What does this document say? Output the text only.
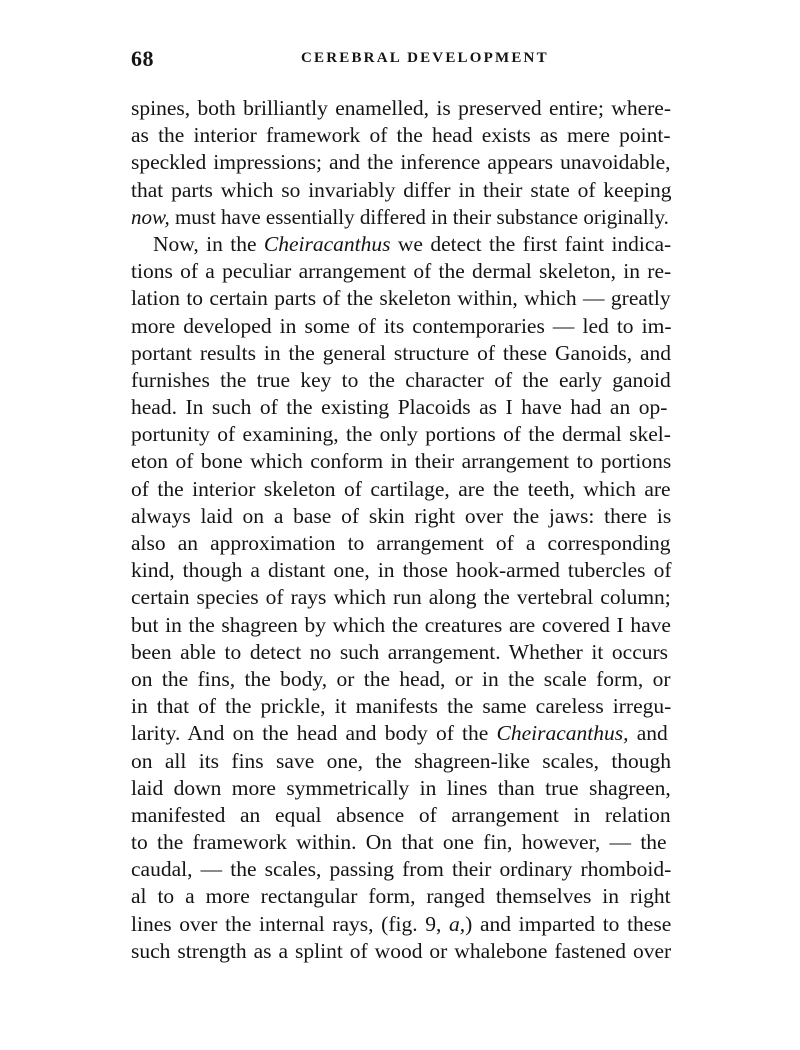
68	CEREBRAL DEVELOPMENT
spines, both brilliantly enamelled, is preserved entire; where-
as the interior framework of the head exists as mere point-
speckled impressions; and the inference appears unavoidable,
that parts which so invariably differ in their state of keeping
now, must have essentially differed in their substance originally.
Now, in the Cheiracanthus we detect the first faint indica-
tions of a peculiar arrangement of the dermal skeleton, in re-
lation to certain parts of the skeleton within, which — greatly
more developed in some of its contemporaries — led to im-
portant results in the general structure of these Ganoids, and
furnishes the true key to the character of the early ganoid
head. In such of the existing Placoids as I have had an op-
portunity of examining, the only portions of the dermal skel-
eton of bone which conform in their arrangement to portions
of the interior skeleton of cartilage, are the teeth, which are
always laid on a base of skin right over the jaws: there is
also an approximation to arrangement of a corresponding
kind, though a distant one, in those hook-armed tubercles of
certain species of rays which run along the vertebral column;
but in the shagreen by which the creatures are covered I have
been able to detect no such arrangement. Whether it occurs
on the fins, the body, or the head, or in the scale form, or
in that of the prickle, it manifests the same careless irregu-
larity. And on the head and body of the Cheiracanthus, and
on all its fins save one, the shagreen-like scales, though
laid down more symmetrically in lines than true shagreen,
manifested an equal absence of arrangement in relation
to the framework within. On that one fin, however, — the
caudal, — the scales, passing from their ordinary rhomboid-
al to a more rectangular form, ranged themselves in right
lines over the internal rays, (fig. 9, a,) and imparted to these
such strength as a splint of wood or whalebone fastened over
